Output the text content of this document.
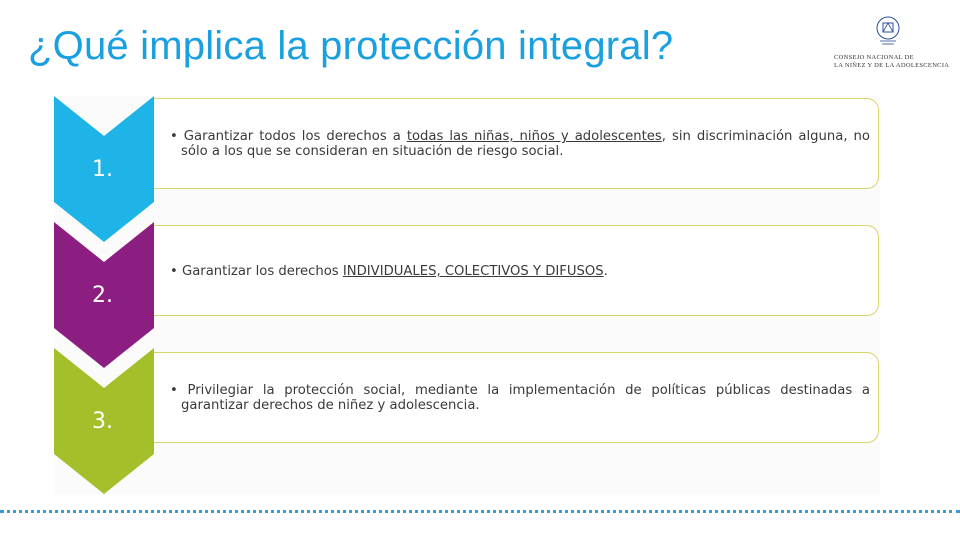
¿Qué implica la protección integral?	CONSEJO NACIONAL DE
LA NIÑEZ Y DE LA ADOLESCENCIA
1.
• Garantizar todos los derechos a todas las niñas, niños y adolescentes, sin discriminación alguna, no sólo a los que se consideran en situación de riesgo social.
2.
• Garantizar los derechos INDIVIDUALES, COLECTIVOS Y DIFUSOS.
3.
• Privilegiar la protección social, mediante la implementación de políticas públicas destinadas a garantizar derechos de niñez y adolescencia.
